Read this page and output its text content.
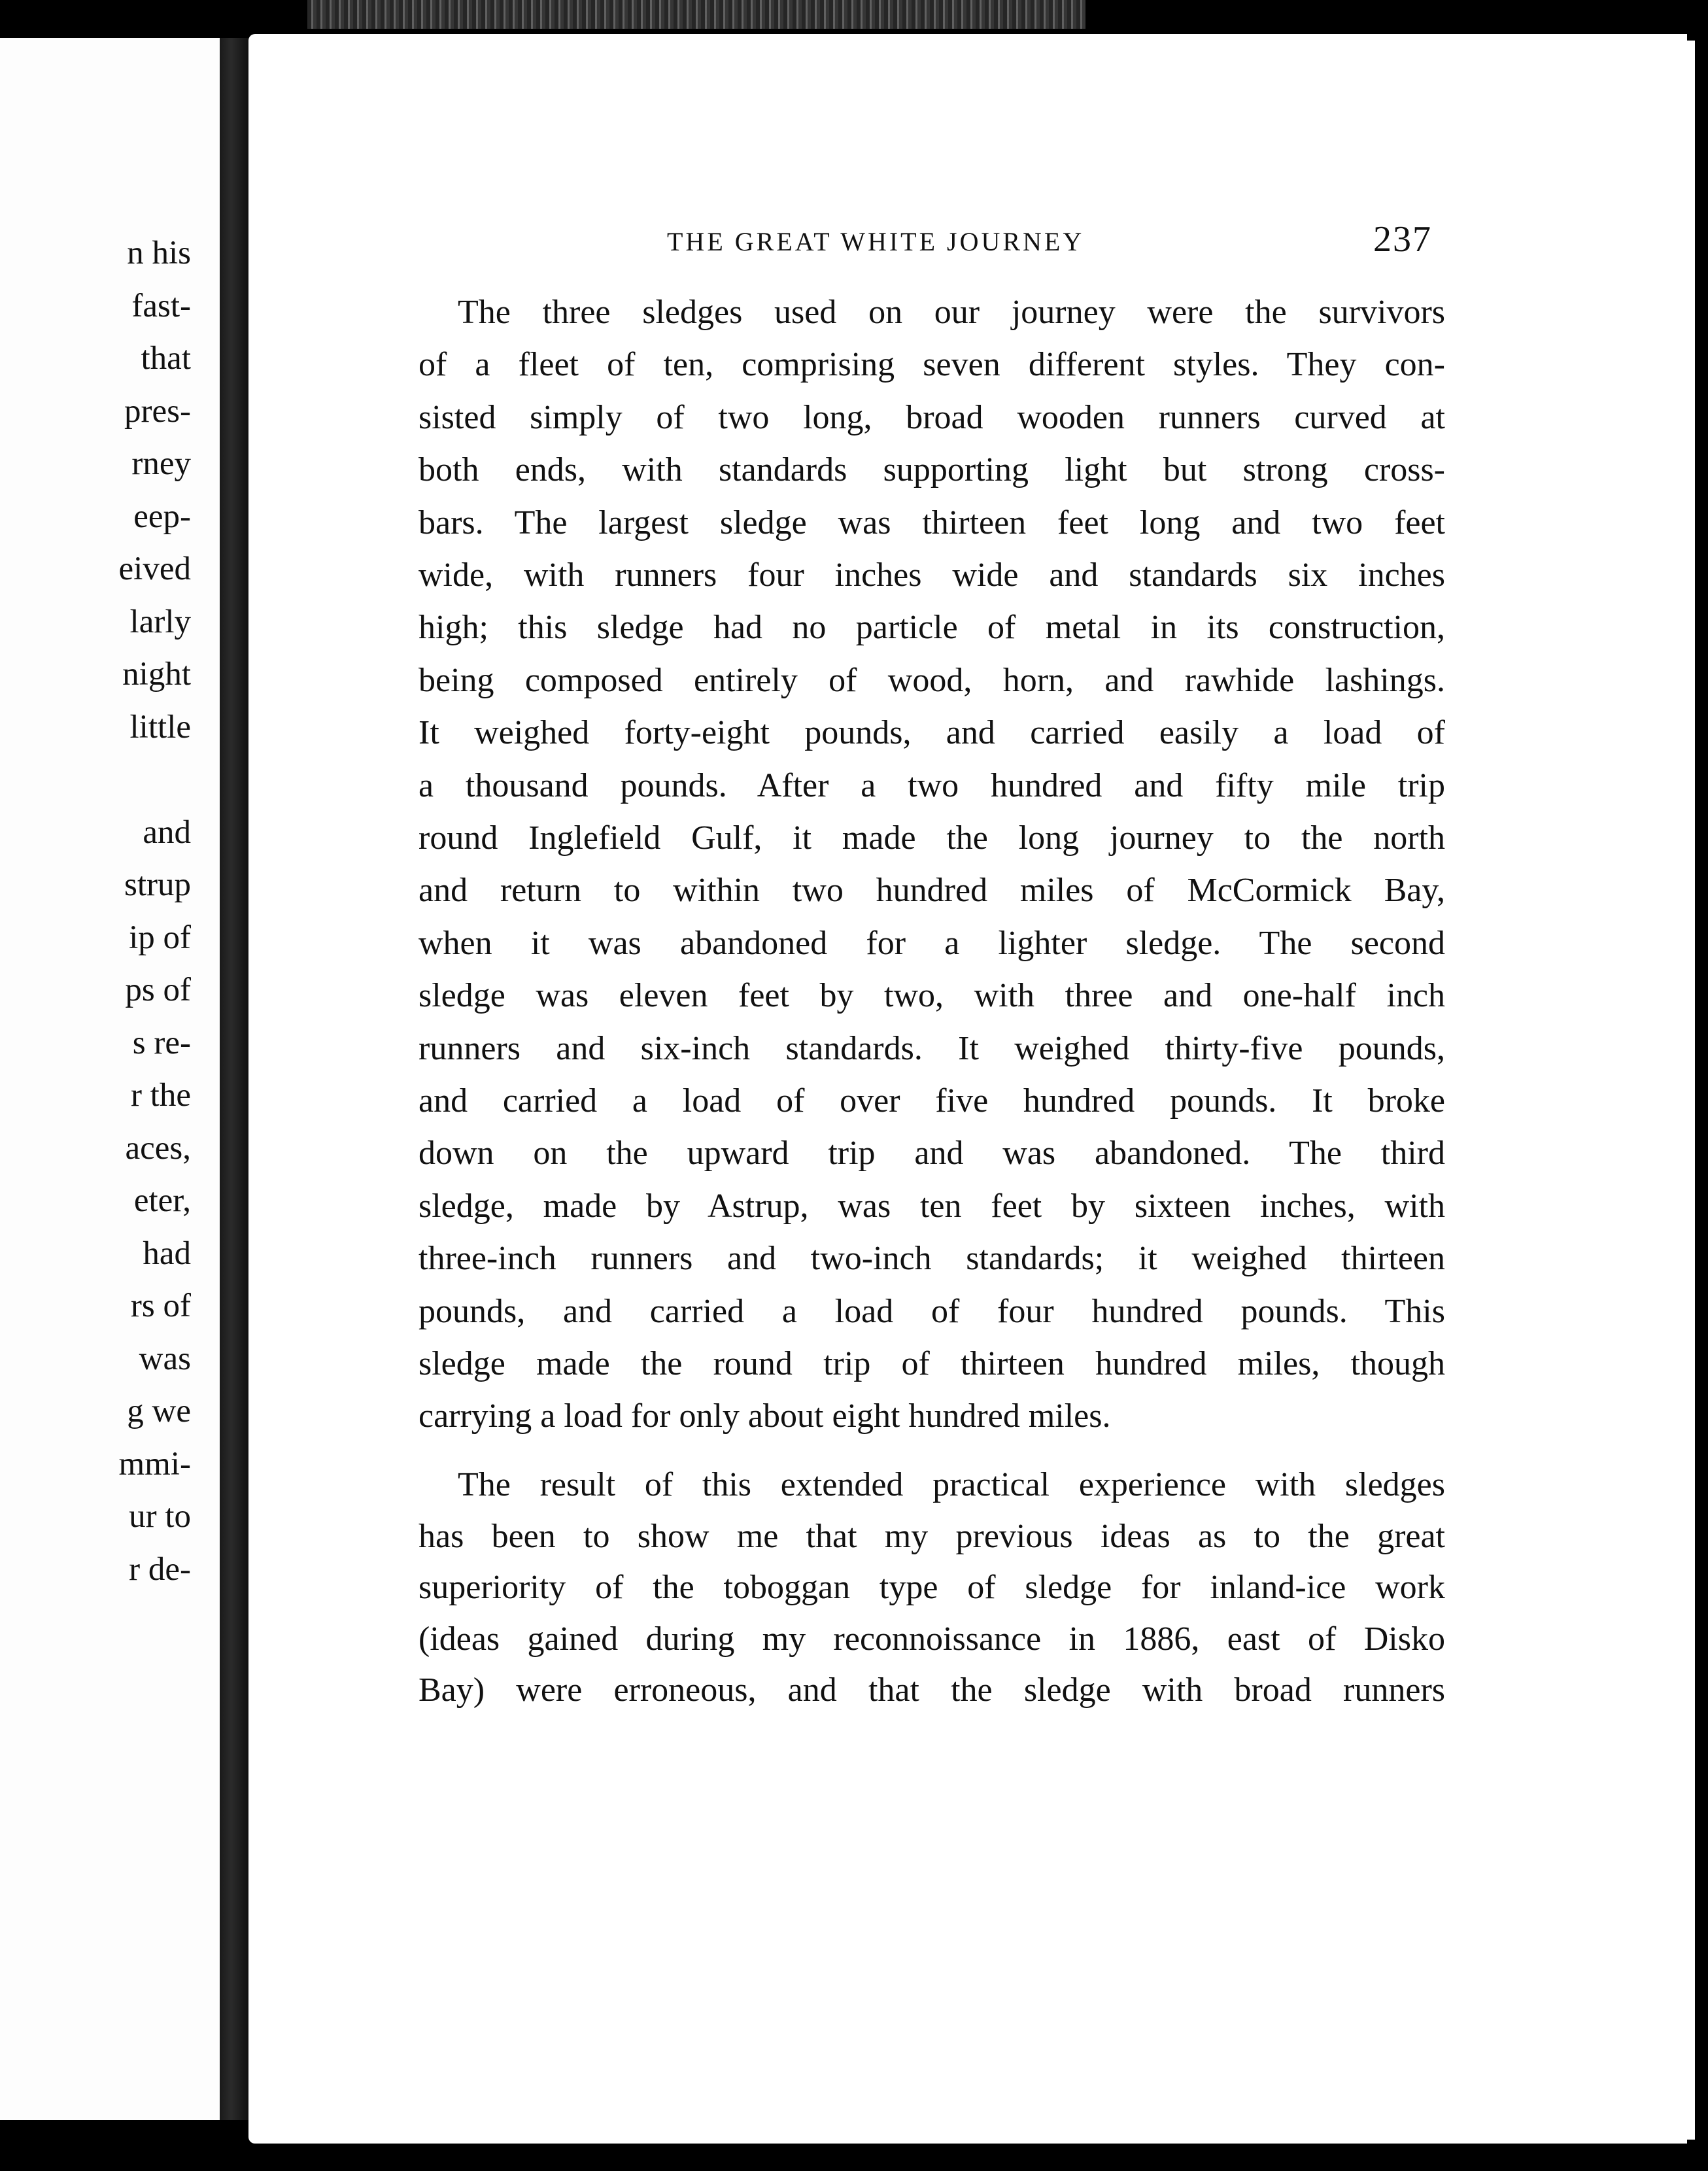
n his
fast-
that
pres-
rney
eep-
eived
larly
night
little
and
strup
ip of
ps of
s re-
r the
aces,
eter,
had
rs of
was
g we
mmi-
ur to
r de-
THE GREAT WHITE JOURNEY	237
The three sledges used on our journey were the survivors
of a fleet of ten, comprising seven different styles. They con-
sisted simply of two long, broad wooden runners curved at
both ends, with standards supporting light but strong cross-
bars. The largest sledge was thirteen feet long and two feet
wide, with runners four inches wide and standards six inches
high; this sledge had no particle of metal in its construction,
being composed entirely of wood, horn, and rawhide lashings.
It weighed forty-eight pounds, and carried easily a load of
a thousand pounds. After a two hundred and fifty mile trip
round Inglefield Gulf, it made the long journey to the north
and return to within two hundred miles of McCormick Bay,
when it was abandoned for a lighter sledge. The second
sledge was eleven feet by two, with three and one-half inch
runners and six-inch standards. It weighed thirty-five pounds,
and carried a load of over five hundred pounds. It broke
down on the upward trip and was abandoned. The third
sledge, made by Astrup, was ten feet by sixteen inches, with
three-inch runners and two-inch standards; it weighed thirteen
pounds, and carried a load of four hundred pounds. This
sledge made the round trip of thirteen hundred miles, though
carrying a load for only about eight hundred miles.
The result of this extended practical experience with sledges
has been to show me that my previous ideas as to the great
superiority of the toboggan type of sledge for inland-ice work
(ideas gained during my reconnoissance in 1886, east of Disko
Bay) were erroneous, and that the sledge with broad runners
